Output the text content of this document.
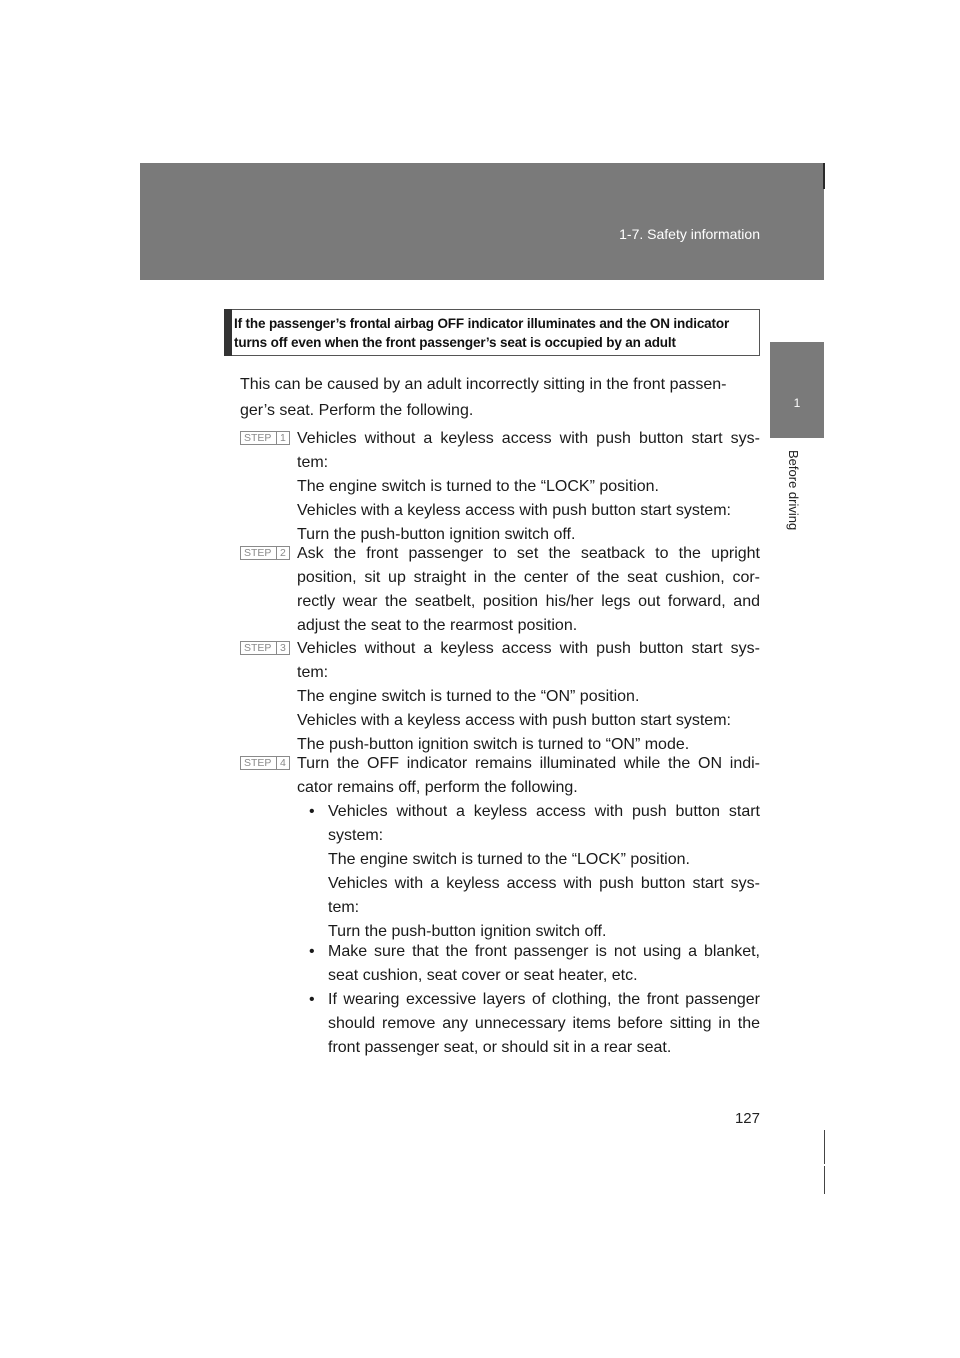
1-7. Safety information
1
Before driving
If the passenger’s frontal airbag OFF indicator illuminates and the ON indicator
turns off even when the front passenger’s seat is occupied by an adult
This can be caused by an adult incorrectly sitting in the front passen-
ger’s seat. Perform the following.
STEP 1 Vehicles without a keyless access with push button start sys-
tem:
The engine switch is turned to the “LOCK” position.
Vehicles with a keyless access with push button start system:
Turn the push-button ignition switch off.
STEP 2 Ask the front passenger to set the seatback to the upright
position, sit up straight in the center of the seat cushion, cor-
rectly wear the seatbelt, position his/her legs out forward, and
adjust the seat to the rearmost position.
STEP 3 Vehicles without a keyless access with push button start sys-
tem:
The engine switch is turned to the “ON” position.
Vehicles with a keyless access with push button start system:
The push-button ignition switch is turned to “ON” mode.
STEP 4 Turn the OFF indicator remains illuminated while the ON indi-
cator remains off, perform the following.
• Vehicles without a keyless access with push button start
system:
The engine switch is turned to the “LOCK” position.
Vehicles with a keyless access with push button start sys-
tem:
Turn the push-button ignition switch off.
• Make sure that the front passenger is not using a blanket,
seat cushion, seat cover or seat heater, etc.
• If wearing excessive layers of clothing, the front passenger
should remove any unnecessary items before sitting in the
front passenger seat, or should sit in a rear seat.
127
